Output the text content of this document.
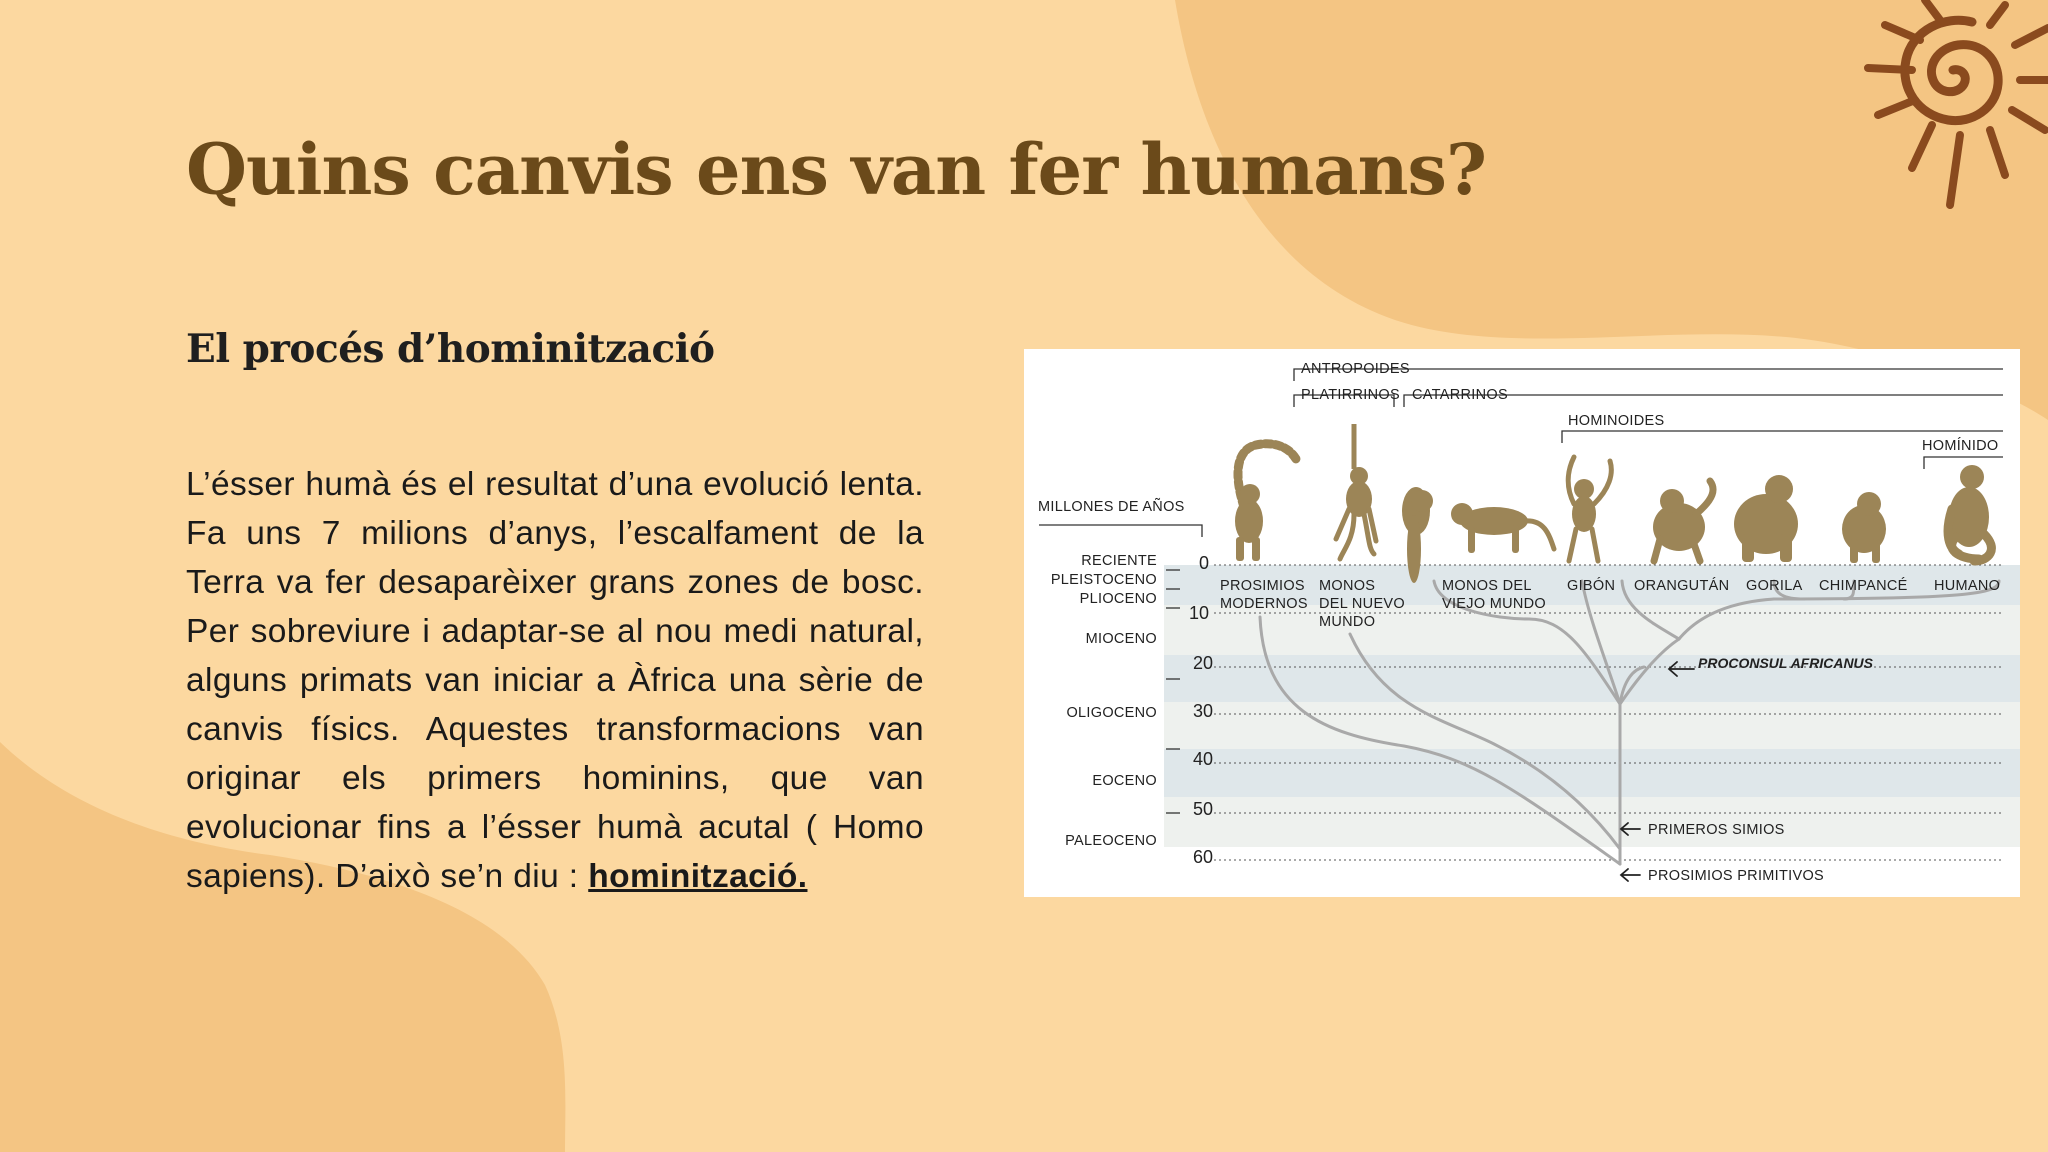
Quins canvis ens van fer humans?
El procés d’hominització

L’ésser humà és el resultat d’una evolució lenta. Fa uns 7 milions d’anys, l’escalfament de la Terra va fer desaparèixer grans zones de bosc. Per sobreviure i adaptar-se al nou medi natural, alguns primats van iniciar a Àfrica una sèrie de canvis físics. Aquestes transformacions van originar els primers hominins, que van evolucionar fins a l’ésser humà acutal ( Homo sapiens). D’això se’n diu : hominització.

ANTROPOIDES
PLATIRRINOS CATARRINOS
HOMINOIDES
HOMÍNIDO
MILLONES DE AÑOS
RECIENTE
PLEISTOCENO
PLIOCENO
MIOCENO
OLIGOCENO
EOCENO
PALEOCENO
0
10
20
30
40
50
60
PROSIMIOS
MODERNOS
MONOS
DEL NUEVO
MUNDO
MONOS DEL
VIEJO MUNDO
GIBÓN ORANGUTÁN GORILA CHIMPANCÉ HUMANO
PROCONSUL AFRICANUS
PRIMEROS SIMIOS
PROSIMIOS PRIMITIVOS
